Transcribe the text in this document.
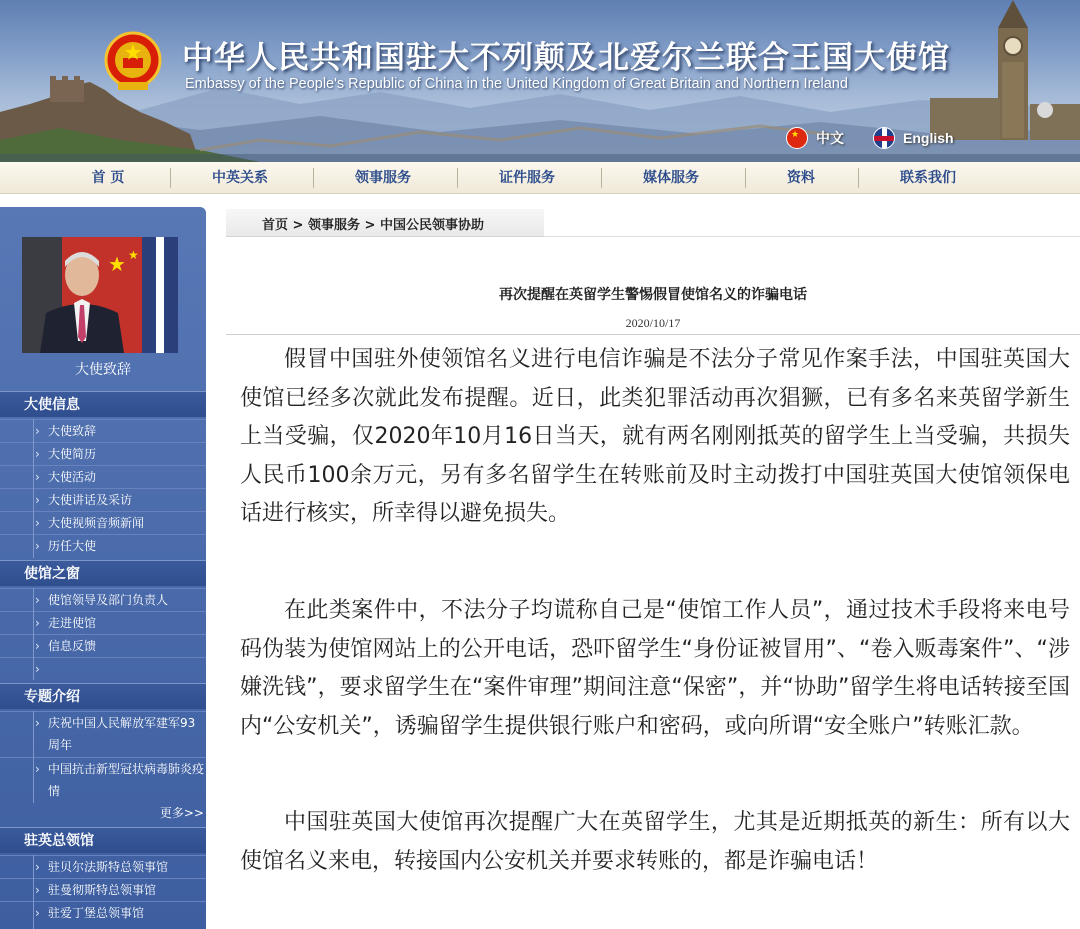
中华人民共和国驻大不列颠及北爱尔兰联合王国大使馆
Embassy of the People's Republic of China in the United Kingdom of Great Britain and Northern Ireland
★
中文	English
首 页	中英关系	领事服务	证件服务	媒体服务	资料	联系我们
★ ★
大使致辞
大使信息
› 大使致辞
› 大使简历
› 大使活动
› 大使讲话及采访
› 大使视频音频新闻
› 历任大使
使馆之窗
› 使馆领导及部门负责人
› 走进使馆
› 信息反馈
›
专题介绍
› 庆祝中国人民解放军建军93周年
› 中国抗击新型冠状病毒肺炎疫情
更多>>
驻英总领馆
› 驻贝尔法斯特总领事馆
› 驻曼彻斯特总领事馆
› 驻爱丁堡总领事馆
首页 > 领事服务 > 中国公民领事协助
再次提醒在英留学生警惕假冒使馆名义的诈骗电话
2020/10/17

假冒中国驻外使领馆名义进行电信诈骗是不法分子常见作案手法，中国驻英国大使馆已经多次就此发布提醒。近日，此类犯罪活动再次猖獗，已有多名来英留学新生上当受骗，仅2020年10月16日当天，就有两名刚刚抵英的留学生上当受骗，共损失人民币100余万元，另有多名留学生在转账前及时主动拨打中国驻英国大使馆领保电话进行核实，所幸得以避免损失。

在此类案件中，不法分子均谎称自己是“使馆工作人员”，通过技术手段将来电号码伪装为使馆网站上的公开电话，恐吓留学生“身份证被冒用”、“卷入贩毒案件”、“涉嫌洗钱”，要求留学生在“案件审理”期间注意“保密”，并“协助”留学生将电话转接至国内“公安机关”，诱骗留学生提供银行账户和密码，或向所谓“安全账户”转账汇款。

中国驻英国大使馆再次提醒广大在英留学生，尤其是近期抵英的新生：所有以大使馆名义来电，转接国内公安机关并要求转账的，都是诈骗电话！
